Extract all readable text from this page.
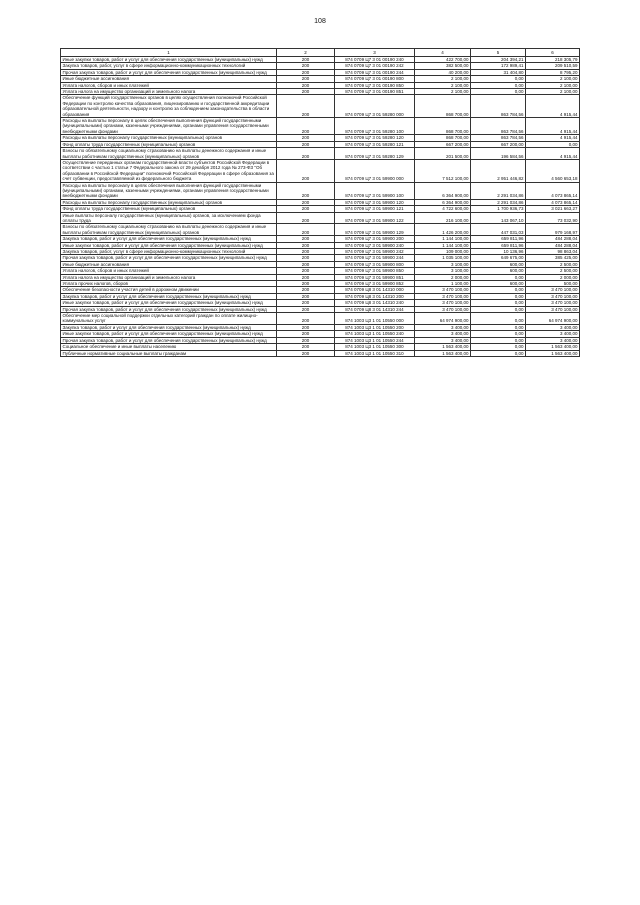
108
1	2	3	4	5	6
Иные закупки товаров, работ и услуг для обеспечения государственных (муниципальных) нужд	200	874 0709 Ц7 3 01 00190 240	422 700,00	204 394,21	218 305,79
Закупка товаров, работ, услуг в сфере информационно-коммуникационных технологий	200	874 0709 Ц7 3 01 00190 242	382 500,00	172 989,41	209 510,59
Прочая закупка товаров, работ и услуг для обеспечения государственных (муниципальных) нужд	200	874 0709 Ц7 3 01 00190 244	40 200,00	31 404,80	8 795,20
Иные бюджетные ассигнования	200	874 0709 Ц7 3 01 00190 800	2 100,00	0,00	2 100,00
Уплата налогов, сборов и иных платежей	200	874 0709 Ц7 3 01 00190 850	2 100,00	0,00	2 100,00
Уплата налога на имущество организаций и земельного налога	200	874 0709 Ц7 3 01 00190 851	2 100,00	0,00	2 100,00
Обеспечение функций государственных органов в целях осуществления полномочий Российской Федерации по контролю качества образования, лицензированию и государственной аккредитации образовательной деятельности, надзору и контролю за соблюдением законодательства в области образования	200	874 0709 Ц7 3 01 59280 000	868 700,00	863 784,56	4 915,44
Расходы на выплаты персоналу в целях обеспечения выполнения функций государственными (муниципальными) органами, казенными учреждениями, органами управления государственными внебюджетными фондами	200	874 0709 Ц7 3 01 59280 100	868 700,00	863 784,56	4 915,44
Расходы на выплаты персоналу государственных (муниципальных) органов	200	874 0709 Ц7 3 01 59280 120	868 700,00	863 784,56	4 915,44
Фонд оплаты труда государственных (муниципальных) органов	200	874 0709 Ц7 3 01 59280 121	667 200,00	667 200,00	0,00
Взносы по обязательному социальному страхованию на выплаты денежного содержания и иные выплаты работникам государственных (муниципальных) органов	200	874 0709 Ц7 3 01 59280 129	201 500,00	196 584,56	4 915,44
Осуществление переданных органам государственной власти субъектов Российской Федерации в соответствии с частью 1 статьи 7 Федерального закона от 29 декабря 2012 года № 273-ФЗ "Об образовании в Российской Федерации" полномочий Российской Федерации в сфере образования за счет субвенции, предоставляемой из федерального бюджета	200	874 0709 Ц7 3 01 59900 000	7 512 100,00	2 951 446,82	4 560 653,18
Расходы на выплаты персоналу в целях обеспечения выполнения функций государственными (муниципальными) органами, казенными учреждениями, органами управления государственными внебюджетными фондами	200	874 0709 Ц7 3 01 59900 100	6 364 900,00	2 291 034,86	4 073 865,14
Расходы на выплаты персоналу государственных (муниципальных) органов	200	874 0709 Ц7 3 01 59900 120	6 364 900,00	2 291 034,86	4 073 865,14
Фонд оплаты труда государственных (муниципальных) органов	200	874 0709 Ц7 3 01 59900 121	4 722 600,00	1 700 936,73	3 021 663,27
Иные выплаты персоналу государственных (муниципальных) органов, за исключением фонда оплаты труда	200	874 0709 Ц7 3 01 59900 122	216 100,00	143 067,10	73 032,90
Взносы по обязательному социальному страхованию на выплаты денежного содержания и иные выплаты работникам государственных (муниципальных) органов	200	874 0709 Ц7 3 01 59900 129	1 426 200,00	447 031,03	979 168,97
Закупка товаров, работ и услуг для обеспечения государственных (муниципальных) нужд	200	874 0709 Ц7 3 01 59900 200	1 144 100,00	659 811,96	484 288,04
Иные закупки товаров, работ и услуг для обеспечения государственных (муниципальных) нужд	200	874 0709 Ц7 3 01 59900 240	1 144 100,00	659 811,96	484 288,04
Закупка товаров, работ, услуг в сфере информационно-коммуникационных технологий	200	874 0709 Ц7 3 01 59900 242	109 000,00	10 136,96	98 863,04
Прочая закупка товаров, работ и услуг для обеспечения государственных (муниципальных) нужд	200	874 0709 Ц7 3 01 59900 244	1 035 100,00	649 675,00	385 425,00
Иные бюджетные ассигнования	200	874 0709 Ц7 3 01 59900 800	3 100,00	600,00	2 500,00
Уплата налогов, сборов и иных платежей	200	874 0709 Ц7 3 01 59900 850	3 100,00	600,00	2 500,00
Уплата налога на имущество организаций и земельного налога	200	874 0709 Ц7 3 01 59900 851	2 000,00	0,00	2 000,00
Уплата прочих налогов, сборов	200	874 0709 Ц7 3 01 59900 852	1 100,00	600,00	500,00
Обеспечение безопасности участия детей в дорожном движении	200	874 0709 Ц8 3 01 14310 000	3 470 100,00	0,00	3 470 100,00
Закупка товаров, работ и услуг для обеспечения государственных (муниципальных) нужд	200	874 0709 Ц8 3 01 14310 200	3 470 100,00	0,00	3 470 100,00
Иные закупки товаров, работ и услуг для обеспечения государственных (муниципальных) нужд	200	874 0709 Ц8 3 01 14310 240	3 470 100,00	0,00	3 470 100,00
Прочая закупка товаров, работ и услуг для обеспечения государственных (муниципальных) нужд	200	874 0709 Ц8 3 01 14310 244	3 470 100,00	0,00	3 470 100,00
Обеспечение мер социальной поддержки отдельных категорий граждан по оплате жилищно-коммунальных услуг	200	874 1003 Ц3 1 01 10550 000	64 974 900,00	0,00	64 974 900,00
Закупка товаров, работ и услуг для обеспечения государственных (муниципальных) нужд	200	874 1003 Ц3 1 01 10550 200	3 400,00	0,00	3 400,00
Иные закупки товаров, работ и услуг для обеспечения государственных (муниципальных) нужд	200	874 1003 Ц3 1 01 10550 240	3 400,00	0,00	3 400,00
Прочая закупка товаров, работ и услуг для обеспечения государственных (муниципальных) нужд	200	874 1003 Ц3 1 01 10550 244	3 400,00	0,00	3 400,00
Социальное обеспечение и иные выплаты населению	200	874 1003 Ц3 1 01 10550 300	1 563 400,00	0,00	1 563 400,00
Публичные нормативные социальные выплаты гражданам	200	874 1003 Ц3 1 01 10550 310	1 563 400,00	0,00	1 563 400,00
